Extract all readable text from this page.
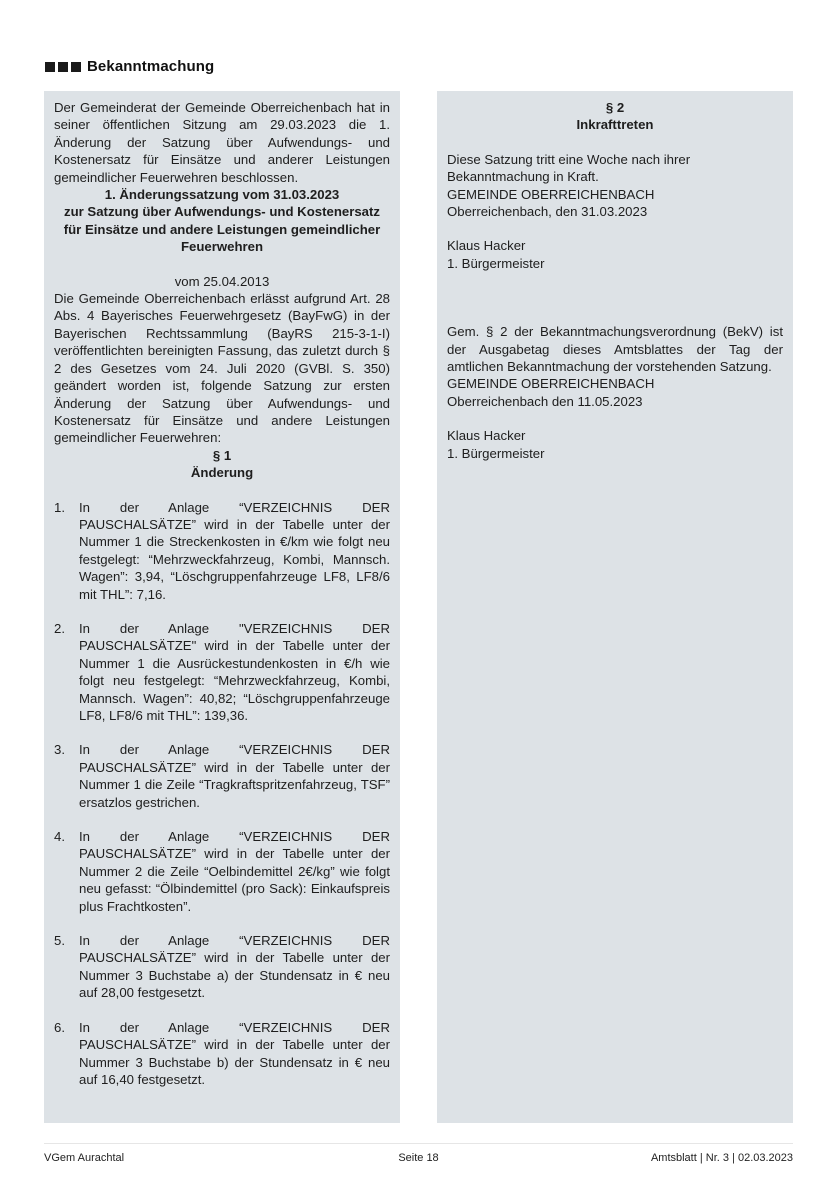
Bekanntmachung

Der Gemeinderat der Gemeinde Oberreichenbach hat in seiner öffentlichen Sitzung am 29.03.2023 die 1. Änderung der Satzung über Aufwendungs- und Kostenersatz für Einsätze und anderer Leistungen gemeindlicher Feuerwehren beschlossen.

1. Änderungssatzung vom 31.03.2023

zur Satzung über Aufwendungs- und Kostenersatz für Einsätze und andere Leistungen gemeindlicher Feuerwehren

vom 25.04.2013

Die Gemeinde Oberreichenbach erlässt aufgrund Art. 28 Abs. 4 Bayerisches Feuerwehrgesetz (BayFwG) in der Bayerischen Rechtssammlung (BayRS 215-3-1-I) veröffentlichten bereinigten Fassung, das zuletzt durch § 2 des Gesetzes vom 24. Juli 2020 (GVBl. S. 350) geändert worden ist, folgende Satzung zur ersten Änderung der Satzung über Aufwendungs- und Kostenersatz für Einsätze und andere Leistungen gemeindlicher Feuerwehren:

§ 1

Änderung

1.	In der Anlage “VERZEICHNIS DER PAUSCHALSÄTZE” wird in der Tabelle unter der Nummer 1 die Streckenkosten in €/km wie folgt neu festgelegt: “Mehrzweckfahrzeug, Kombi, Mannsch. Wagen”: 3,94, “Löschgruppenfahrzeuge LF8, LF8/6 mit THL”: 7,16.
2.	In der Anlage "VERZEICHNIS DER PAUSCHALSÄTZE" wird in der Tabelle unter der Nummer 1 die Ausrückestundenkosten in €/h wie folgt neu festgelegt: “Mehrzweckfahrzeug, Kombi, Mannsch. Wagen”: 40,82; “Löschgruppenfahrzeuge LF8, LF8/6 mit THL”: 139,36.
3.	In der Anlage “VERZEICHNIS DER PAUSCHALSÄTZE” wird in der Tabelle unter der Nummer 1 die Zeile “Tragkraftspritzenfahrzeug, TSF” ersatzlos gestrichen.
4.	In der Anlage “VERZEICHNIS DER PAUSCHALSÄTZE” wird in der Tabelle unter der Nummer 2 die Zeile “Oelbindemittel 2€/kg” wie folgt neu gefasst: “Ölbindemittel (pro Sack): Einkaufspreis plus Frachtkosten”.
5.	In der Anlage “VERZEICHNIS DER PAUSCHALSÄTZE” wird in der Tabelle unter der Nummer 3 Buchstabe a) der Stundensatz in € neu auf 28,00 festgesetzt.
6.	In der Anlage “VERZEICHNIS DER PAUSCHALSÄTZE” wird in der Tabelle unter der Nummer 3 Buchstabe b) der Stundensatz in € neu auf 16,40 festgesetzt.

§ 2

Inkrafttreten

Diese Satzung tritt eine Woche nach ihrer Bekanntmachung in Kraft.

GEMEINDE OBERREICHENBACH

Oberreichenbach, den 31.03.2023

Klaus Hacker

1. Bürgermeister

Gem. § 2 der Bekanntmachungsverordnung (BekV) ist der Ausgabetag dieses Amtsblattes der Tag der amtlichen Bekanntmachung der vorstehenden Satzung.

GEMEINDE OBERREICHENBACH

Oberreichenbach den 11.05.2023

Klaus Hacker

1. Bürgermeister

VGem Aurachtal	Seite 18	Amtsblatt | Nr. 3 | 02.03.2023
